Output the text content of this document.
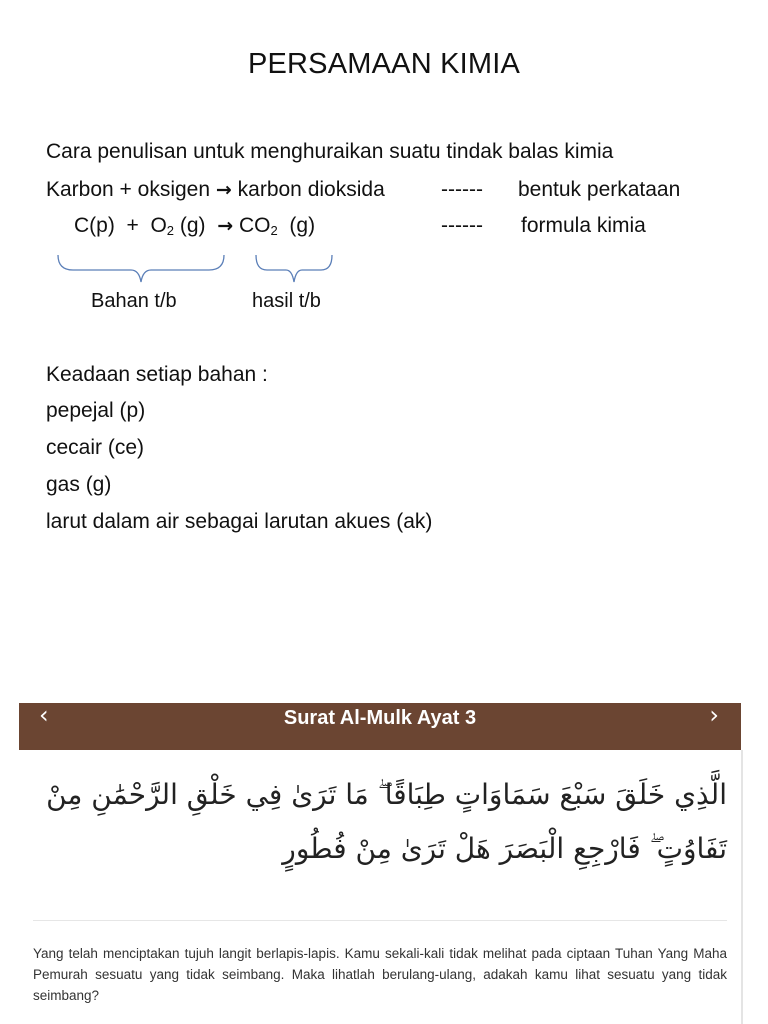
PERSAMAAN KIMIA
Cara penulisan untuk menghuraikan suatu tindak balas kimia
Karbon + oksigen → karbon dioksida	------ bentuk perkataan
$C(p) + O_2$ $(g) \to CO_2$ (g)	------ formula kimia
Bahan t/b	hasil t/b
Keadaan setiap bahan :
pepejal (p)
cecair (ce)
gas (g)
larut dalam air sebagai larutan akues (ak)
‹	Surat Al-Mulk Ayat 3	›
الَّذِي خَلَقَ سَبْعَ سَمَاوَاتٍ طِبَاقًا ۖ مَا تَرَىٰ فِي خَلْقِ الرَّحْمَٰنِ مِنْ تَفَاوُتٍ ۖ فَارْجِعِ الْبَصَرَ هَلْ تَرَىٰ مِنْ فُطُورٍ
Yang telah menciptakan tujuh langit berlapis-lapis. Kamu sekali-kali tidak melihat pada ciptaan Tuhan Yang Maha Pemurah sesuatu yang tidak seimbang. Maka lihatlah berulang-ulang, adakah kamu lihat sesuatu yang tidak seimbang?
